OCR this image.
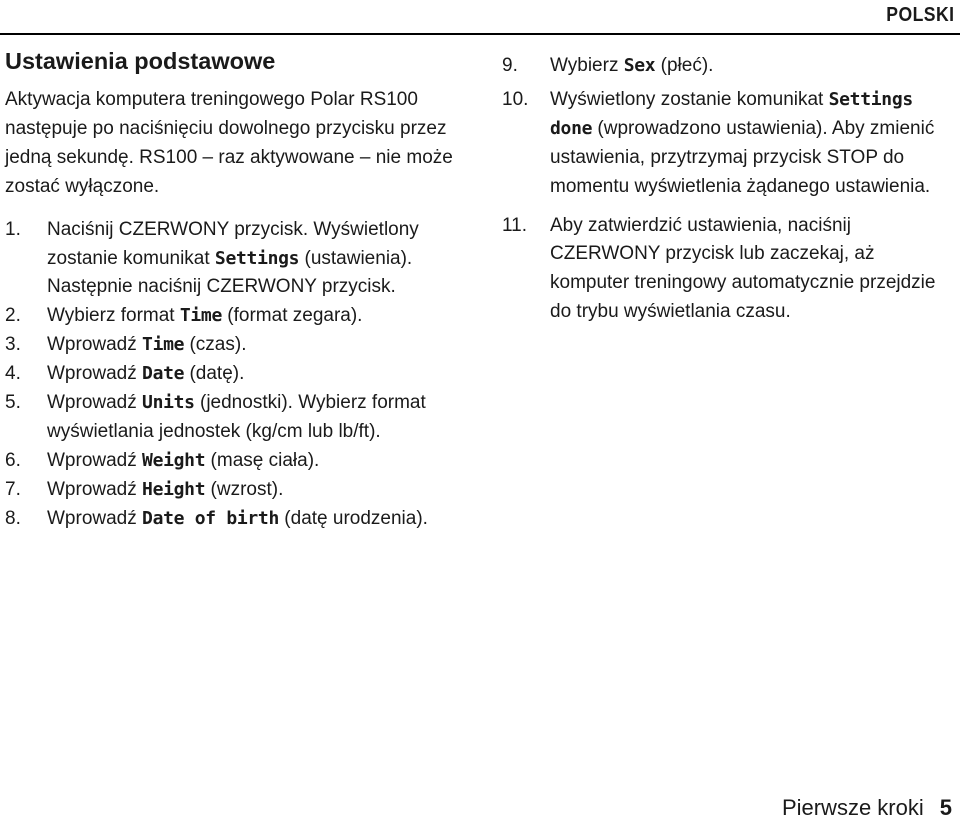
POLSKI
Ustawienia podstawowe

Aktywacja komputera treningowego Polar RS100 następuje po naciśnięciu dowolnego przycisku przez jedną sekundę. RS100 – raz aktywowane – nie może zostać wyłączone.

1. Naciśnij CZERWONY przycisk. Wyświetlony zostanie komunikat Settings (ustawienia). Następnie naciśnij CZERWONY przycisk.
2. Wybierz format Time (format zegara).
3. Wprowadź Time (czas).
4. Wprowadź Date (datę).
5. Wprowadź Units (jednostki). Wybierz format wyświetlania jednostek (kg/cm lub lb/ft).
6. Wprowadź Weight (masę ciała).
7. Wprowadź Height (wzrost).
8. Wprowadź Date of birth (datę urodzenia).
9. Wybierz Sex (płeć).
10. Wyświetlony zostanie komunikat Settings done (wprowadzono ustawienia). Aby zmienić ustawienia, przytrzymaj przycisk STOP do momentu wyświetlenia żądanego ustawienia.
11. Aby zatwierdzić ustawienia, naciśnij CZERWONY przycisk lub zaczekaj, aż komputer treningowy automatycznie przejdzie do trybu wyświetlania czasu.
Pierwsze kroki 5
